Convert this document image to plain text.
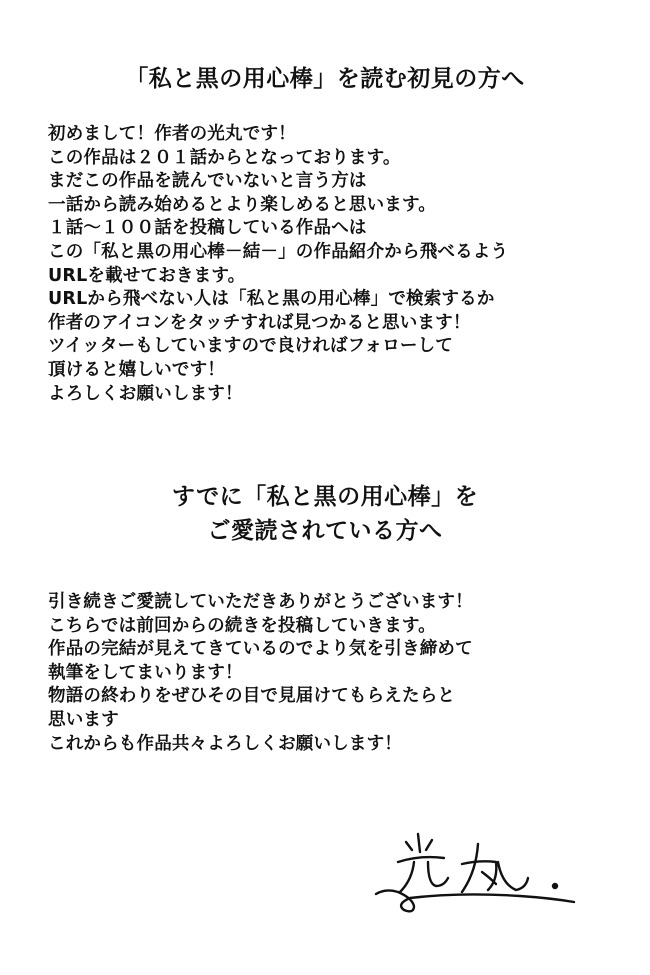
「私と黒の用心棒」を読む初見の方へ
初めまして！作者の光丸です！
この作品は２０１話からとなっております。
まだこの作品を読んでいないと言う方は
一話から読み始めるとより楽しめると思います。
１話〜１００話を投稿している作品へは
この「私と黒の用心棒－結－」の作品紹介から飛べるよう
URLを載せておきます。
URLから飛べない人は「私と黒の用心棒」で検索するか
作者のアイコンをタッチすれば見つかると思います！
ツイッターもしていますので良ければフォローして
頂けると嬉しいです！
よろしくお願いします！
すでに「私と黒の用心棒」を
ご愛読されている方へ
引き続きご愛読していただきありがとうございます！
こちらでは前回からの続きを投稿していきます。
作品の完結が見えてきているのでより気を引き締めて
執筆をしてまいります！
物語の終わりをぜひその目で見届けてもらえたらと
思います
これからも作品共々よろしくお願いします！
